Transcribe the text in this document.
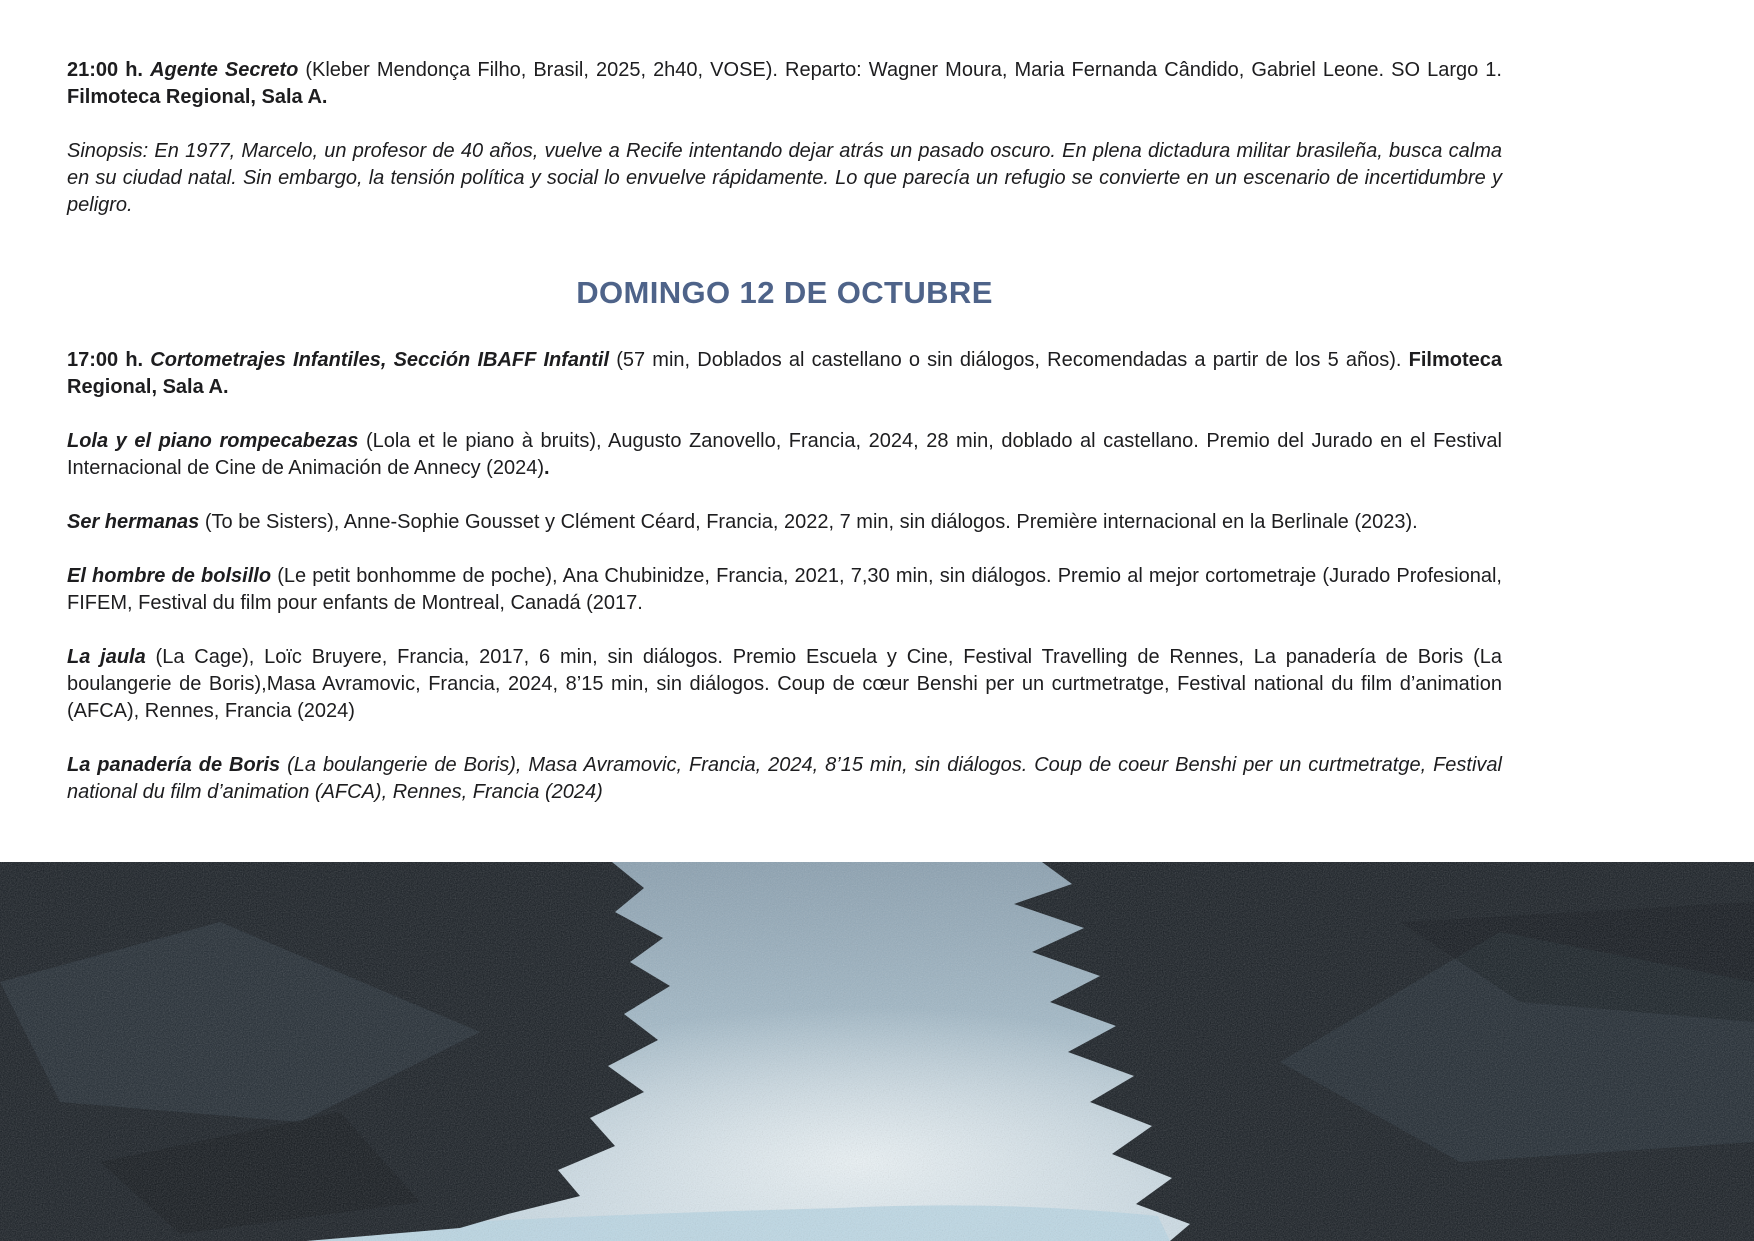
21:00 h. Agente Secreto (Kleber Mendonça Filho, Brasil, 2025, 2h40, VOSE). Reparto: Wagner Moura, Maria Fernanda Cândido, Gabriel Leone. SO Largo 1. Filmoteca Regional, Sala A.

Sinopsis: En 1977, Marcelo, un profesor de 40 años, vuelve a Recife intentando dejar atrás un pasado oscuro. En plena dictadura militar brasileña, busca calma en su ciudad natal. Sin embargo, la tensión política y social lo envuelve rápidamente. Lo que parecía un refugio se convierte en un escenario de incertidumbre y peligro.

DOMINGO 12 DE OCTUBRE

17:00 h. Cortometrajes Infantiles, Sección IBAFF Infantil (57 min, Doblados al castellano o sin diálogos, Recomendadas a partir de los 5 años). Filmoteca Regional, Sala A.

Lola y el piano rompecabezas (Lola et le piano à bruits), Augusto Zanovello, Francia, 2024, 28 min, doblado al castellano. Premio del Jurado en el Festival Internacional de Cine de Animación de Annecy (2024).

Ser hermanas (To be Sisters), Anne-Sophie Gousset y Clément Céard, Francia, 2022, 7 min, sin diálogos. Première internacional en la Berlinale (2023).

El hombre de bolsillo (Le petit bonhomme de poche), Ana Chubinidze, Francia, 2021, 7,30 min, sin diálogos. Premio al mejor cortometraje (Jurado Profesional, FIFEM, Festival du film pour enfants de Montreal, Canadá (2017.

La jaula (La Cage), Loïc Bruyere, Francia, 2017, 6 min, sin diálogos. Premio Escuela y Cine, Festival Travelling de Rennes, La panadería de Boris (La boulangerie de Boris),Masa Avramovic, Francia, 2024, 8’15 min, sin diálogos. Coup de cœur Benshi per un curtmetratge, Festival national du film d’animation (AFCA), Rennes, Francia (2024)

La panadería de Boris (La boulangerie de Boris), Masa Avramovic, Francia, 2024, 8’15 min, sin diálogos. Coup de coeur Benshi per un curtmetratge, Festival national du film d’animation (AFCA), Rennes, Francia (2024)
